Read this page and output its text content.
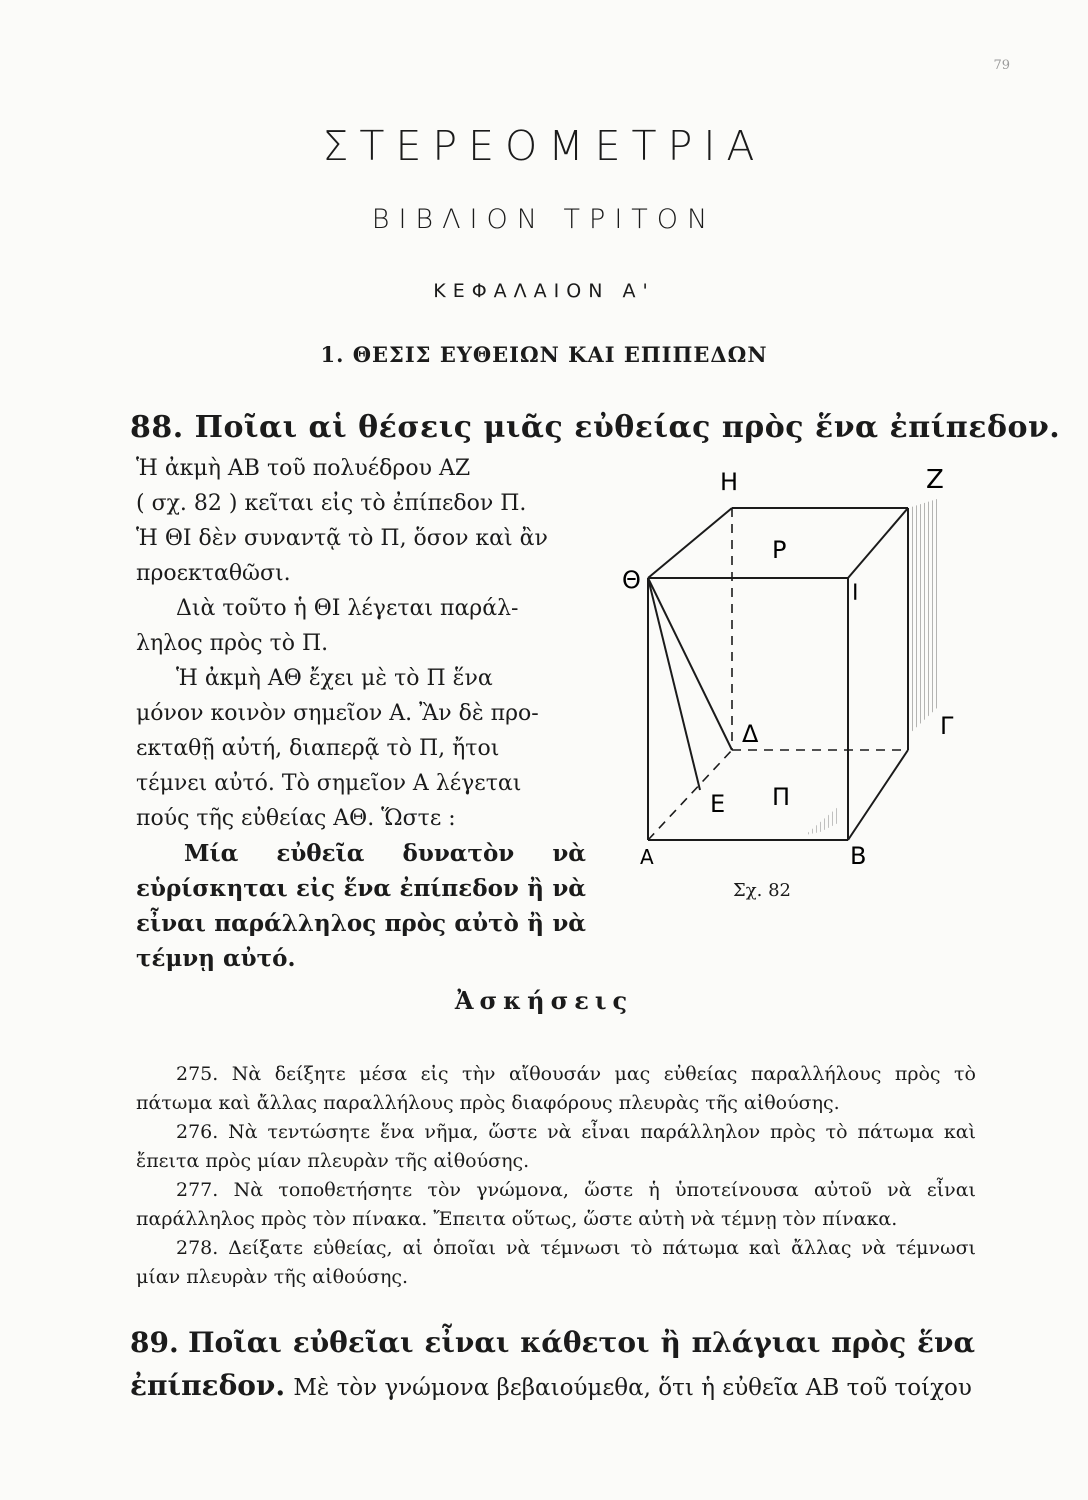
79
ΣΤΕΡΕΟΜΕΤΡΙΑ
ΒΙΒΛΙΟΝ ΤΡΙΤΟΝ
ΚΕΦΑΛΑΙΟΝ Α'
1. ΘΕΣΙΣ ΕΥΘΕΙΩΝ ΚΑΙ ΕΠΙΠΕΔΩΝ
88. Ποῖαι αἱ θέσεις μιᾶς εὐθείας πρὸς ἕνα ἐπίπεδον.

Ἡ ἀκμὴ ΑΒ τοῦ πολυέδρου ΑΖ

( σχ. 82 ) κεῖται εἰς τὸ ἐπίπεδον Π.

Ἡ ΘΙ δὲν συναντᾷ τὸ Π, ὅσον καὶ ἂν

προεκταθῶσι.

Διὰ τοῦτο ἡ ΘΙ λέγεται παράλ-

ληλος πρὸς τὸ Π.

Ἡ ἀκμὴ ΑΘ ἔχει μὲ τὸ Π ἕνα

μόνον κοινὸν σημεῖον Α. Ἂν δὲ προ-

εκταθῇ αὐτή, διαπερᾷ τὸ Π, ἤτοι

τέμνει αὐτό. Τὸ σημεῖον Α λέγεται

πούς τῆς εὐθείας ΑΘ. Ὥστε :

Μία εὐθεῖα δυνατὸν νὰ εὑρίσκηται εἰς ἕνα ἐπίπεδον ἢ νὰ εἶναι παράλληλος πρὸς αὐτὸ ἢ νὰ τέμνῃ αὐτό.

Η	Ζ
Ρ
Θ	Ι
Δ	Γ
Ε Π
Α	Β
Σχ. 82
Ἀσκήσεις

275. Νὰ δείξητε μέσα εἰς τὴν αἴθουσάν μας εὐθείας παραλλήλους πρὸς τὸ πάτωμα καὶ ἄλλας παραλλήλους πρὸς διαφόρους πλευρὰς τῆς αἰθούσης.

276. Νὰ τεντώσητε ἕνα νῆμα, ὥστε νὰ εἶναι παράλληλον πρὸς τὸ πάτωμα καὶ ἔπειτα πρὸς μίαν πλευρὰν τῆς αἰθούσης.

277. Νὰ τοποθετήσητε τὸν γνώμονα, ὥστε ἡ ὑποτείνουσα αὐτοῦ νὰ εἶναι παράλληλος πρὸς τὸν πίνακα. Ἔπειτα οὕτως, ὥστε αὐτὴ νὰ τέμνῃ τὸν πίνακα.

278. Δείξατε εὐθείας, αἱ ὁποῖαι νὰ τέμνωσι τὸ πάτωμα καὶ ἄλλας νὰ τέμνωσι μίαν πλευρὰν τῆς αἰθούσης.

89. Ποῖαι εὐθεῖαι εἶναι κάθετοι ἢ πλάγιαι πρὸς ἕνα ἐπίπεδον. Μὲ τὸν γνώμονα βεβαιούμεθα, ὅτι ἡ εὐθεῖα ΑΒ τοῦ τοίχου
